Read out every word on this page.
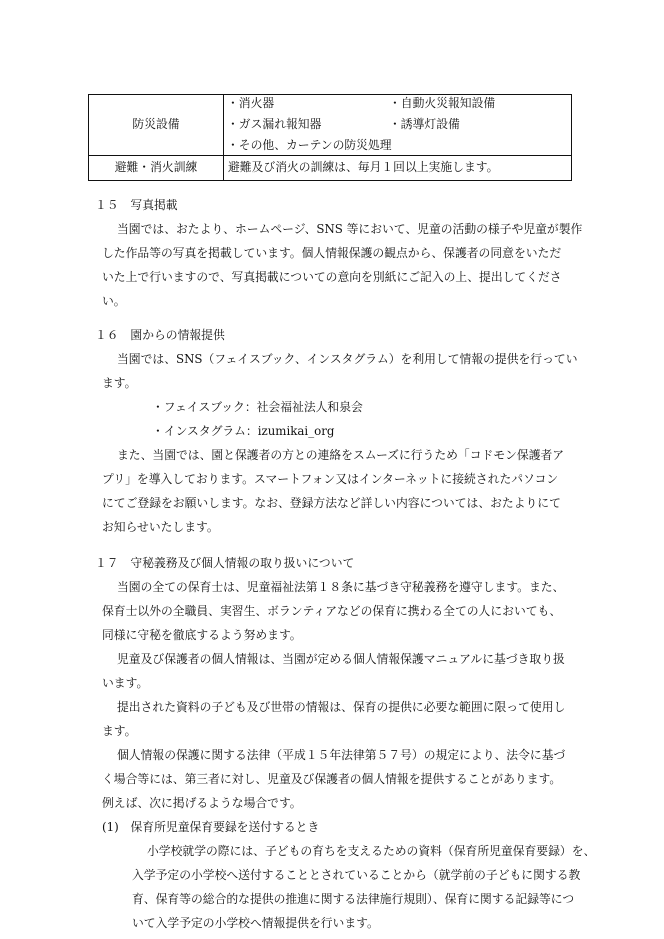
防災設備	・消火器 ・自動火災報知設備
・ガス漏れ報知器 ・誘導灯設備
・その他、カーテンの防災処理

避難・消火訓練	避難及び消火の訓練は、毎月１回以上実施します。
１５　写真掲載
当園では、おたより、ホームページ、SNS 等において、児童の活動の様子や児童が製作
した作品等の写真を掲載しています。個人情報保護の観点から、保護者の同意をいただ
いた上で行いますので、写真掲載についての意向を別紙にご記入の上、提出してくださ
い。
１６　園からの情報提供
当園では、SNS（フェイスブック、インスタグラム）を利用して情報の提供を行ってい
ます。
・フェイスブック：社会福祉法人和泉会
・インスタグラム：izumikai_org
また、当園では、園と保護者の方との連絡をスムーズに行うため「コドモン保護者ア
プリ」を導入しております。スマートフォン又はインターネットに接続されたパソコン
にてご登録をお願いします。なお、登録方法など詳しい内容については、おたよりにて
お知らせいたします。
１７　守秘義務及び個人情報の取り扱いについて
当園の全ての保育士は、児童福祉法第１８条に基づき守秘義務を遵守します。また、
保育士以外の全職員、実習生、ボランティアなどの保育に携わる全ての人においても、
同様に守秘を徹底するよう努めます。
児童及び保護者の個人情報は、当園が定める個人情報保護マニュアルに基づき取り扱
います。
提出された資料の子ども及び世帯の情報は、保育の提供に必要な範囲に限って使用し
ます。
個人情報の保護に関する法律（平成１５年法律第５７号）の規定により、法令に基づ
く場合等には、第三者に対し、児童及び保護者の個人情報を提供することがあります。
例えば、次に掲げるような場合です。
(1)　保育所児童保育要録を送付するとき
小学校就学の際には、子どもの育ちを支えるための資料（保育所児童保育要録）を、
入学予定の小学校へ送付することとされていることから（就学前の子どもに関する教
育、保育等の総合的な提供の推進に関する法律施行規則）、保育に関する記録等につ
いて入学予定の小学校へ情報提供を行います。
